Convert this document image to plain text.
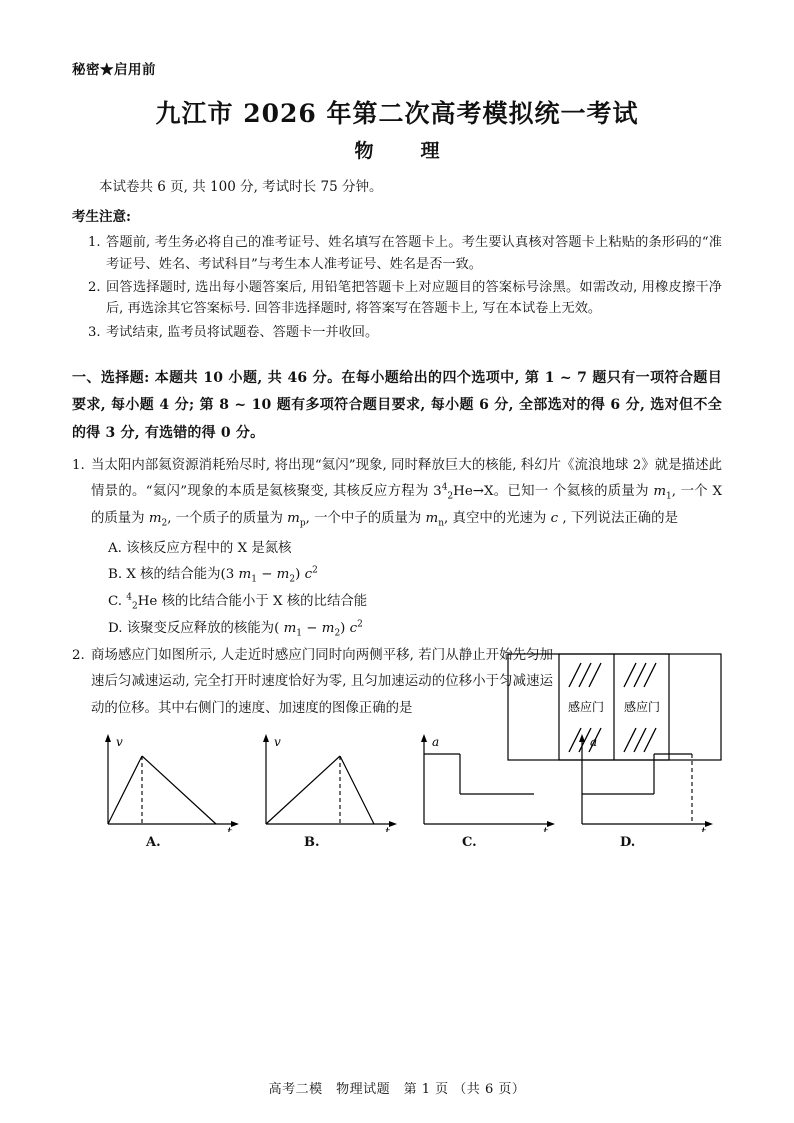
秘密★启用前
九江市 2026 年第二次高考模拟统一考试
物　理
本试卷共 6 页, 共 100 分, 考试时长 75 分钟。
考生注意:
1. 答题前, 考生务必将自己的准考证号、姓名填写在答题卡上。考生要认真核对答题卡上粘贴的条形码的“准考证号、姓名、考试科目”与考生本人准考证号、姓名是否一致。
2. 回答选择题时, 选出每小题答案后, 用铅笔把答题卡上对应题目的答案标号涂黑。如需改动, 用橡皮擦干净后, 再选涂其它答案标号. 回答非选择题时, 将答案写在答题卡上, 写在本试卷上无效。
3. 考试结束, 监考员将试题卷、答题卡一并收回。
一、选择题: 本题共 10 小题, 共 46 分。在每小题给出的四个选项中, 第 1 ~ 7 题只有一项符合题目要求, 每小题 4 分; 第 8 ~ 10 题有多项符合题目要求, 每小题 6 分, 全部选对的得 6 分, 选对但不全的得 3 分, 有选错的得 0 分。
1. 当太阳内部氦资源消耗殆尽时, 将出现“氦闪”现象, 同时释放巨大的核能, 科幻片《流浪地球 2》就是描述此情景的。“氦闪”现象的本质是氦核聚变, 其核反应方程为 $3^4_2He\to X$。已知一 个氦核的质量为 $m_1$, 一个 X 的质量为 $m_2$, 一个质子的质量为 $m_p$, 一个中子的质量为 $m_n$, 真空中的光速为 c , 下列说法正确的是
A. 该核反应方程中的 X 是氮核
B. X 核的结合能为(3 $m_1 - m_2$) $c^2$
C. $^4_2$He 核的比结合能小于 X 核的比结合能
D. 该聚变反应释放的核能为( $m_1 - m_2$) $c^2$
2. 商场感应门如图所示, 人走近时感应门同时向两侧平移, 若门从静止开始先匀加速后匀减速运动, 完全打开时速度恰好为零, 且匀加速运动的位移小于匀减速运动的位移。其中右侧门的速度、加速度的图像正确的是	感应门 感应门
v
t
A.
v
t
B.
a
t
C.
a
t
D.
高考二模　物理试题　第 1 页 （共 6 页）
